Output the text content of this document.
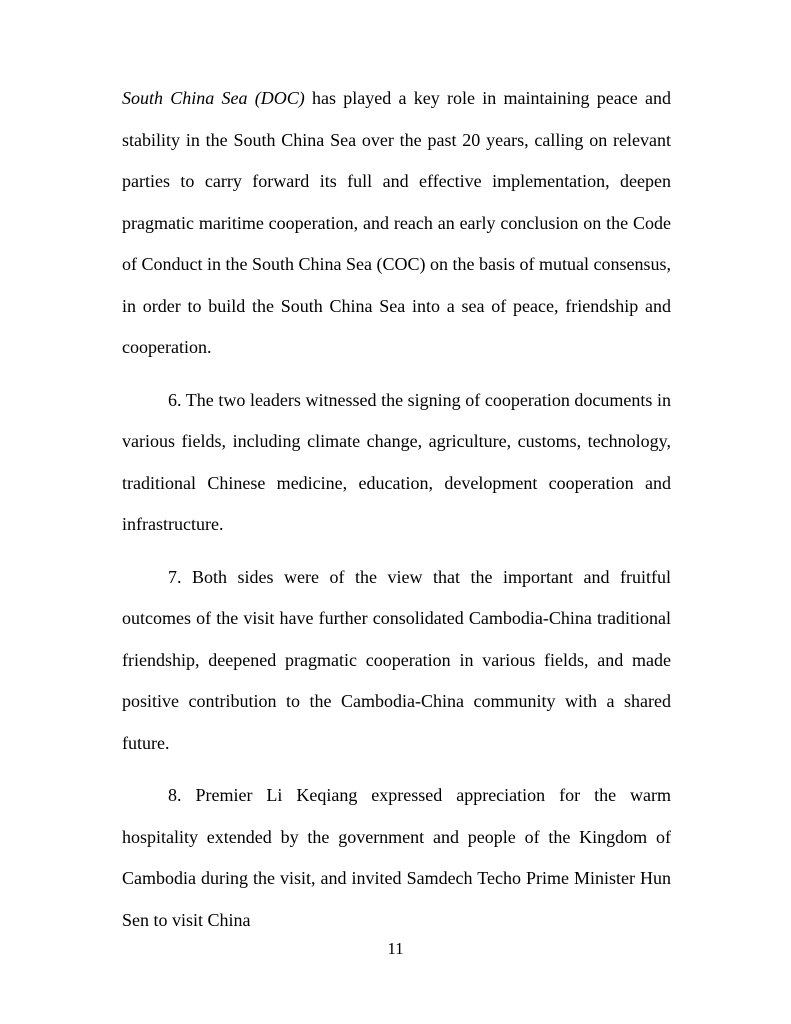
South China Sea (DOC) has played a key role in maintaining peace and stability in the South China Sea over the past 20 years, calling on relevant parties to carry forward its full and effective implementation, deepen pragmatic maritime cooperation, and reach an early conclusion on the Code of Conduct in the South China Sea (COC) on the basis of mutual consensus, in order to build the South China Sea into a sea of peace, friendship and cooperation.

6. The two leaders witnessed the signing of cooperation documents in various fields, including climate change, agriculture, customs, technology, traditional Chinese medicine, education, development cooperation and infrastructure.

7. Both sides were of the view that the important and fruitful outcomes of the visit have further consolidated Cambodia-China traditional friendship, deepened pragmatic cooperation in various fields, and made positive contribution to the Cambodia-China community with a shared future.

8. Premier Li Keqiang expressed appreciation for the warm hospitality extended by the government and people of the Kingdom of Cambodia during the visit, and invited Samdech Techo Prime Minister Hun Sen to visit China

11
